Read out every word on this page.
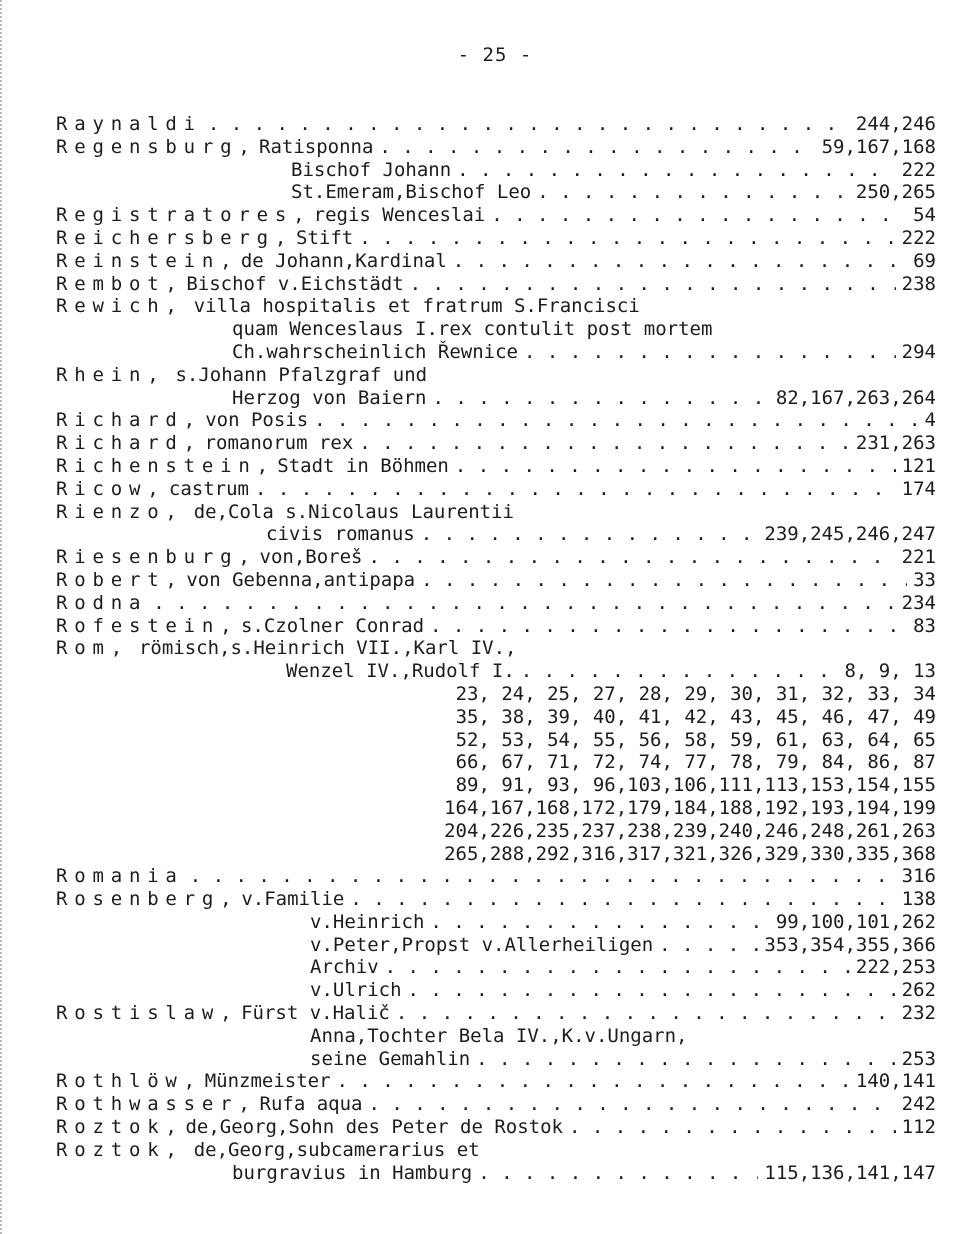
- 25 -
Raynaldi . . .	244,246
Regensburg, Ratisponna . . .	59,167,168
Bischof Johann . . .	222
St.Emeram,Bischof Leo . . .	250,265
Registratores, regis Wenceslai . . .	54
Reichersberg, Stift . . .	222
Reinstein, de Johann,Kardinal . . .	69
Rembot, Bischof v.Eichstädt . . .	238
Rewich, villa hospitalis et fratrum S.Francisci
quam Wenceslaus I.rex contulit post mortem
Ch.wahrscheinlich Řewnice . . .	294
Rhein, s.Johann Pfalzgraf und
Herzog von Baiern . . .	82,167,263,264
Richard, von Posis . . .	4
Richard, romanorum rex . . .	231,263
Richenstein, Stadt in Böhmen . . .	121
Ricow, castrum . . .	174
Rienzo, de,Cola s.Nicolaus Laurentii
civis romanus . . .	239,245,246,247
Riesenburg, von,Boreš . . .	221
Robert, von Gebenna,antipapa . . .	33
Rodna . . .	234
Rofestein, s.Czolner Conrad . . .	83
Rom, römisch,s.Heinrich VII.,Karl IV.,
Wenzel IV.,Rudolf I. . . .	8, 9, 13
23, 24, 25, 27, 28, 29, 30, 31, 32, 33, 34
35, 38, 39, 40, 41, 42, 43, 45, 46, 47, 49
52, 53, 54, 55, 56, 58, 59, 61, 63, 64, 65
66, 67, 71, 72, 74, 77, 78, 79, 84, 86, 87
89, 91, 93, 96,103,106,111,113,153,154,155
164,167,168,172,179,184,188,192,193,194,199
204,226,235,237,238,239,240,246,248,261,263
265,288,292,316,317,321,326,329,330,335,368
Romania . . .	316
Rosenberg, v.Familie . . .	138
v.Heinrich . . .	99,100,101,262
v.Peter,Propst v.Allerheiligen . . .	353,354,355,366
Archiv . . .	222,253
v.Ulrich . . .	262
Rostislaw, Fürst v.Halič . . .	232
Anna,Tochter Bela IV.,K.v.Ungarn,
seine Gemahlin . . .	253
Rothlöw, Münzmeister . . .	140,141
Rothwasser, Rufa aqua . . .	242
Roztok, de,Georg,Sohn des Peter de Rostok . . .	112
Roztok, de,Georg,subcamerarius et
burgravius in Hamburg . . .	115,136,141,147
